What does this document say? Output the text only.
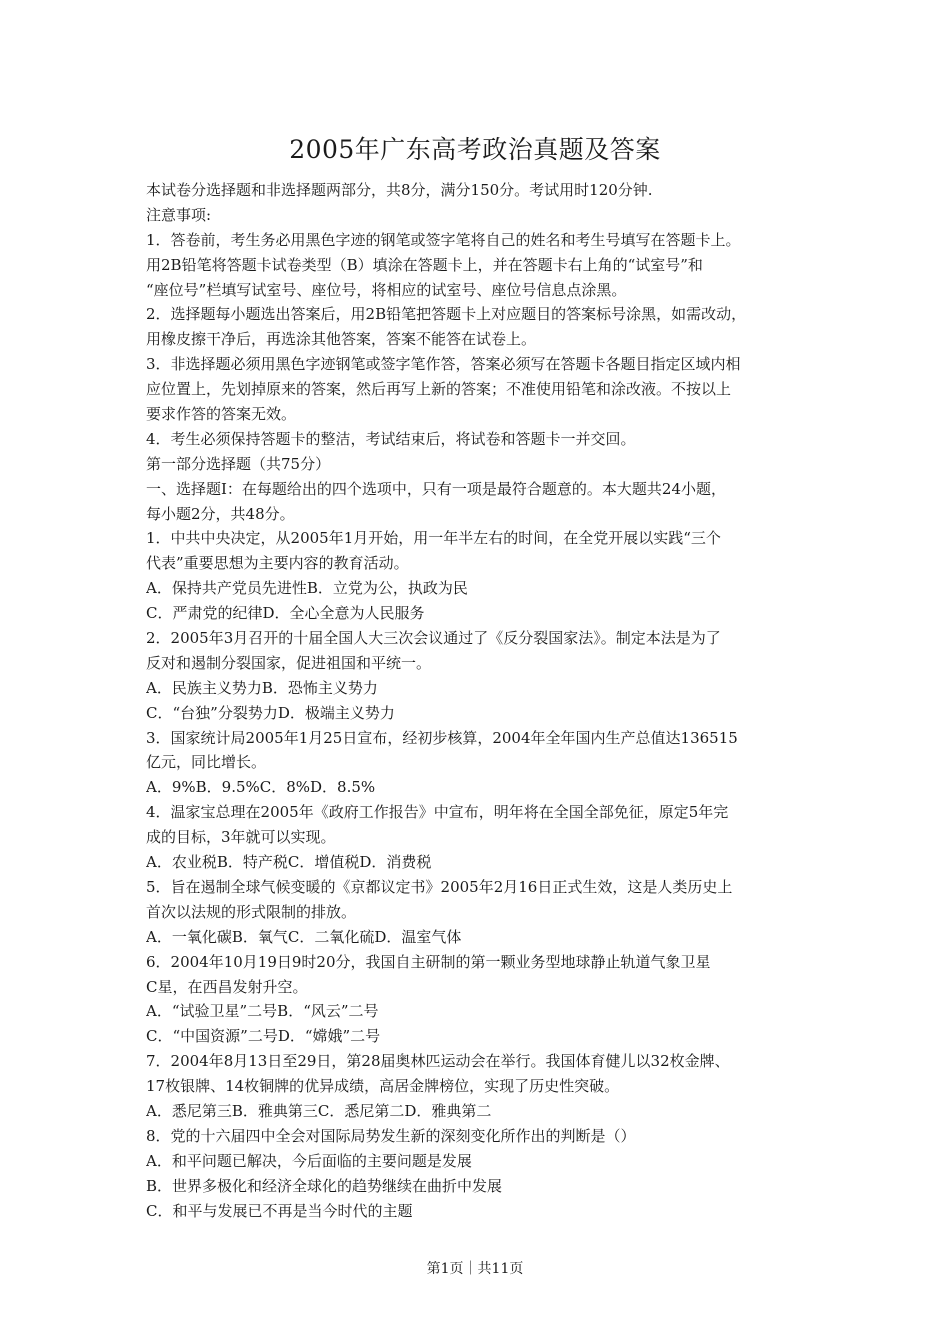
2005年广东高考政治真题及答案
本试卷分选择题和非选择题两部分，共8分，满分150分。考试用时120分钟.
注意事项:
1．答卷前，考生务必用黑色字迹的钢笔或签字笔将自己的姓名和考生号填写在答题卡上。
用2B铅笔将答题卡试卷类型（B）填涂在答题卡上，并在答题卡右上角的“试室号”和
“座位号”栏填写试室号、座位号，将相应的试室号、座位号信息点涂黑。
2．选择题每小题选出答案后，用2B铅笔把答题卡上对应题目的答案标号涂黑，如需改动，
用橡皮擦干净后，再选涂其他答案，答案不能答在试卷上。
3．非选择题必须用黑色字迹钢笔或签字笔作答，答案必须写在答题卡各题目指定区域内相
应位置上，先划掉原来的答案，然后再写上新的答案；不准使用铅笔和涂改液。不按以上
要求作答的答案无效。
4．考生必须保持答题卡的整洁，考试结束后，将试卷和答题卡一并交回。
第一部分选择题（共75分）
一、选择题Ⅰ：在每题给出的四个选项中，只有一项是最符合题意的。本大题共24小题，
每小题2分，共48分。
1．中共中央决定，从2005年1月开始，用一年半左右的时间，在全党开展以实践“三个
代表”重要思想为主要内容的教育活动。
A．保持共产党员先进性B．立党为公，执政为民
C．严肃党的纪律D．全心全意为人民服务
2．2005年3月召开的十届全国人大三次会议通过了《反分裂国家法》。制定本法是为了
反对和遏制分裂国家，促进祖国和平统一。
A．民族主义势力B．恐怖主义势力
C．“台独”分裂势力D．极端主义势力
3．国家统计局2005年1月25日宣布，经初步核算，2004年全年国内生产总值达136515
亿元，同比增长。
A．9%B．9.5%C．8%D．8.5%
4．温家宝总理在2005年《政府工作报告》中宣布，明年将在全国全部免征，原定5年完
成的目标，3年就可以实现。
A．农业税B．特产税C．增值税D．消费税
5．旨在遏制全球气候变暖的《京都议定书》2005年2月16日正式生效，这是人类历史上
首次以法规的形式限制的排放。
A．一氧化碳B．氧气C．二氧化硫D．温室气体
6．2004年10月19日9时20分，我国自主研制的第一颗业务型地球静止轨道气象卫星
C星，在西昌发射升空。
A．“试验卫星”二号B．“风云”二号
C．“中国资源”二号D．“嫦娥”二号
7．2004年8月13日至29日，第28届奥林匹运动会在举行。我国体育健儿以32枚金牌、
17枚银牌、14枚铜牌的优异成绩，高居金牌榜位，实现了历史性突破。
A．悉尼第三B．雅典第三C．悉尼第二D．雅典第二
8．党的十六届四中全会对国际局势发生新的深刻变化所作出的判断是（）
A．和平问题已解决，今后面临的主要问题是发展
B．世界多极化和经济全球化的趋势继续在曲折中发展
C．和平与发展已不再是当今时代的主题
第1页｜共11页
